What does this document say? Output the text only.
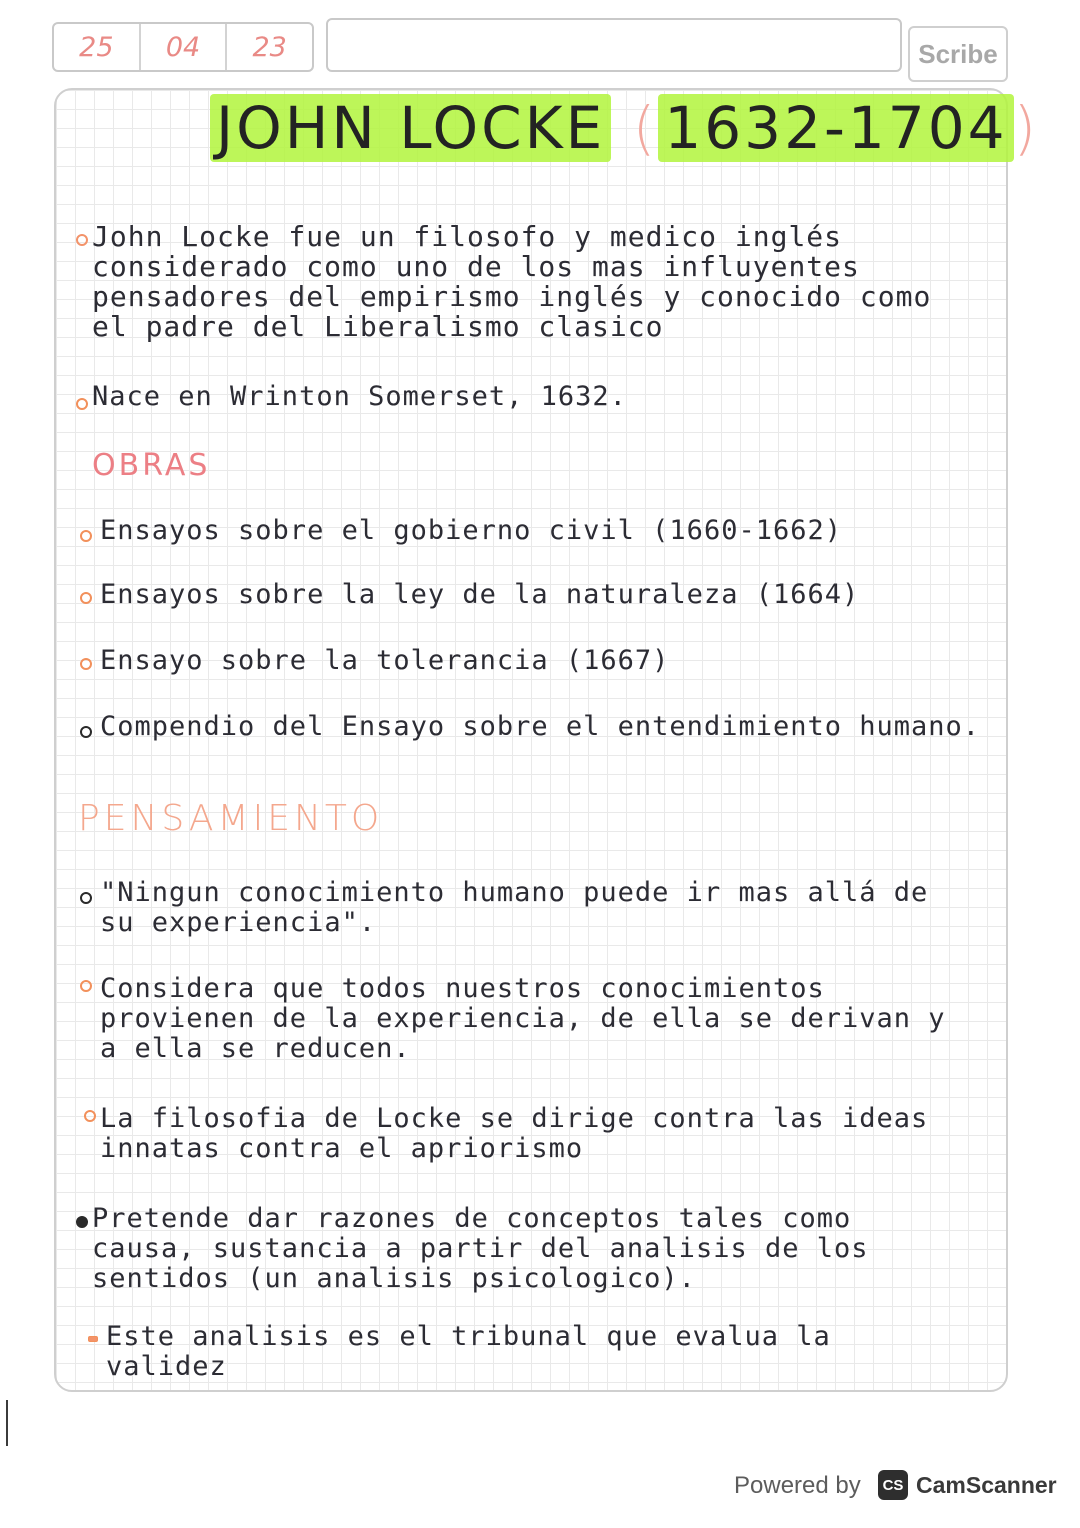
25	04	23	Scribe
JOHN LOCKE ( 1632-1704 )
John Locke fue un filosofo y medico inglés considerado como uno de los mas influyentes pensadores del empirismo inglés y conocido como el padre del Liberalismo clasico
Nace en Wrinton Somerset, 1632.
OBRAS
Ensayos sobre el gobierno civil (1660-1662)
Ensayos sobre la ley de la naturaleza (1664)
Ensayo sobre la tolerancia (1667)
Compendio del Ensayo sobre el entendimiento humano.
PENSAMIENTO
"Ningun conocimiento humano puede ir mas allá de su experiencia".
Considera que todos nuestros conocimientos provienen de la experiencia, de ella se derivan y a ella se reducen.
La filosofia de Locke se dirige contra las ideas innatas contra el apriorismo
Pretende dar razones de conceptos tales como causa, sustancia a partir del analisis de los sentidos (un analisis psicologico).
Este analisis es el tribunal que evalua la validez
Powered by	CS CamScanner
